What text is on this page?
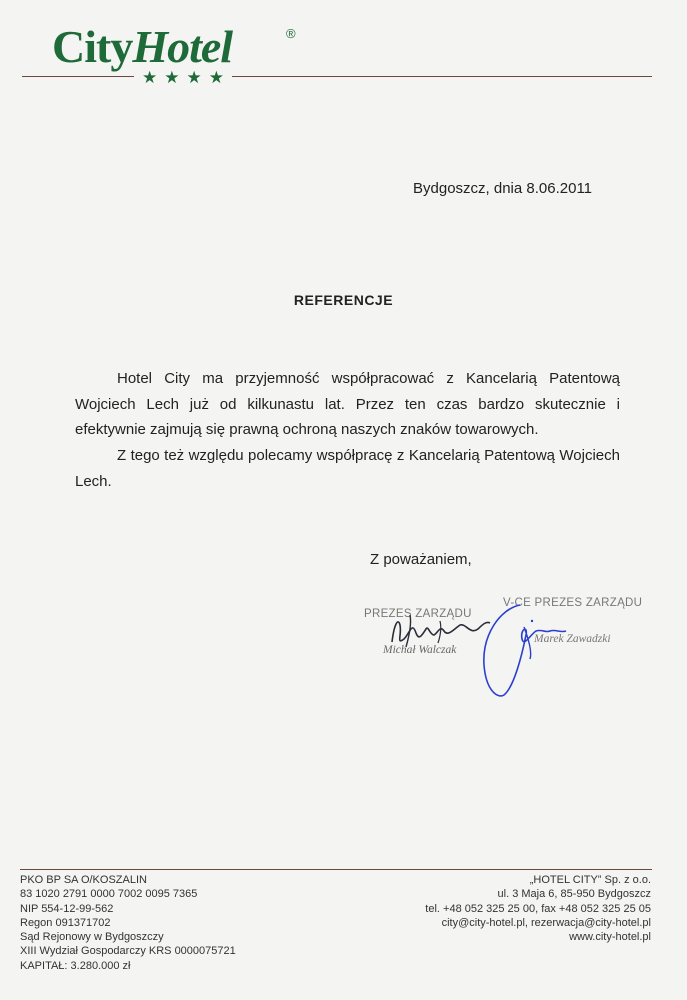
CityHotel	®
★★★★
Bydgoszcz, dnia 8.06.2011
REFERENCJE
Hotel City ma przyjemność współpracować z Kancelarią Patentową Wojciech Lech już od kilkunastu lat. Przez ten czas bardzo skutecznie i efektywnie zajmują się prawną ochroną naszych znaków towarowych.
Z tego też względu polecamy współpracę z Kancelarią Patentową Wojciech Lech.
Z poważaniem,
PREZES ZARZĄDU
V-CE PREZES ZARZĄDU
Michał Walczak
Marek Zawadzki
PKO BP SA O/KOSZALIN
83 1020 2791 0000 7002 0095 7365
NIP 554-12-99-562
Regon 091371702
Sąd Rejonowy w Bydgoszczy
XIII Wydział Gospodarczy KRS 0000075721
KAPITAŁ: 3.280.000 zł
„HOTEL CITY” Sp. z o.o.
ul. 3 Maja 6, 85-950 Bydgoszcz
tel. +48 052 325 25 00, fax +48 052 325 25 05
city@city-hotel.pl, rezerwacja@city-hotel.pl
www.city-hotel.pl
